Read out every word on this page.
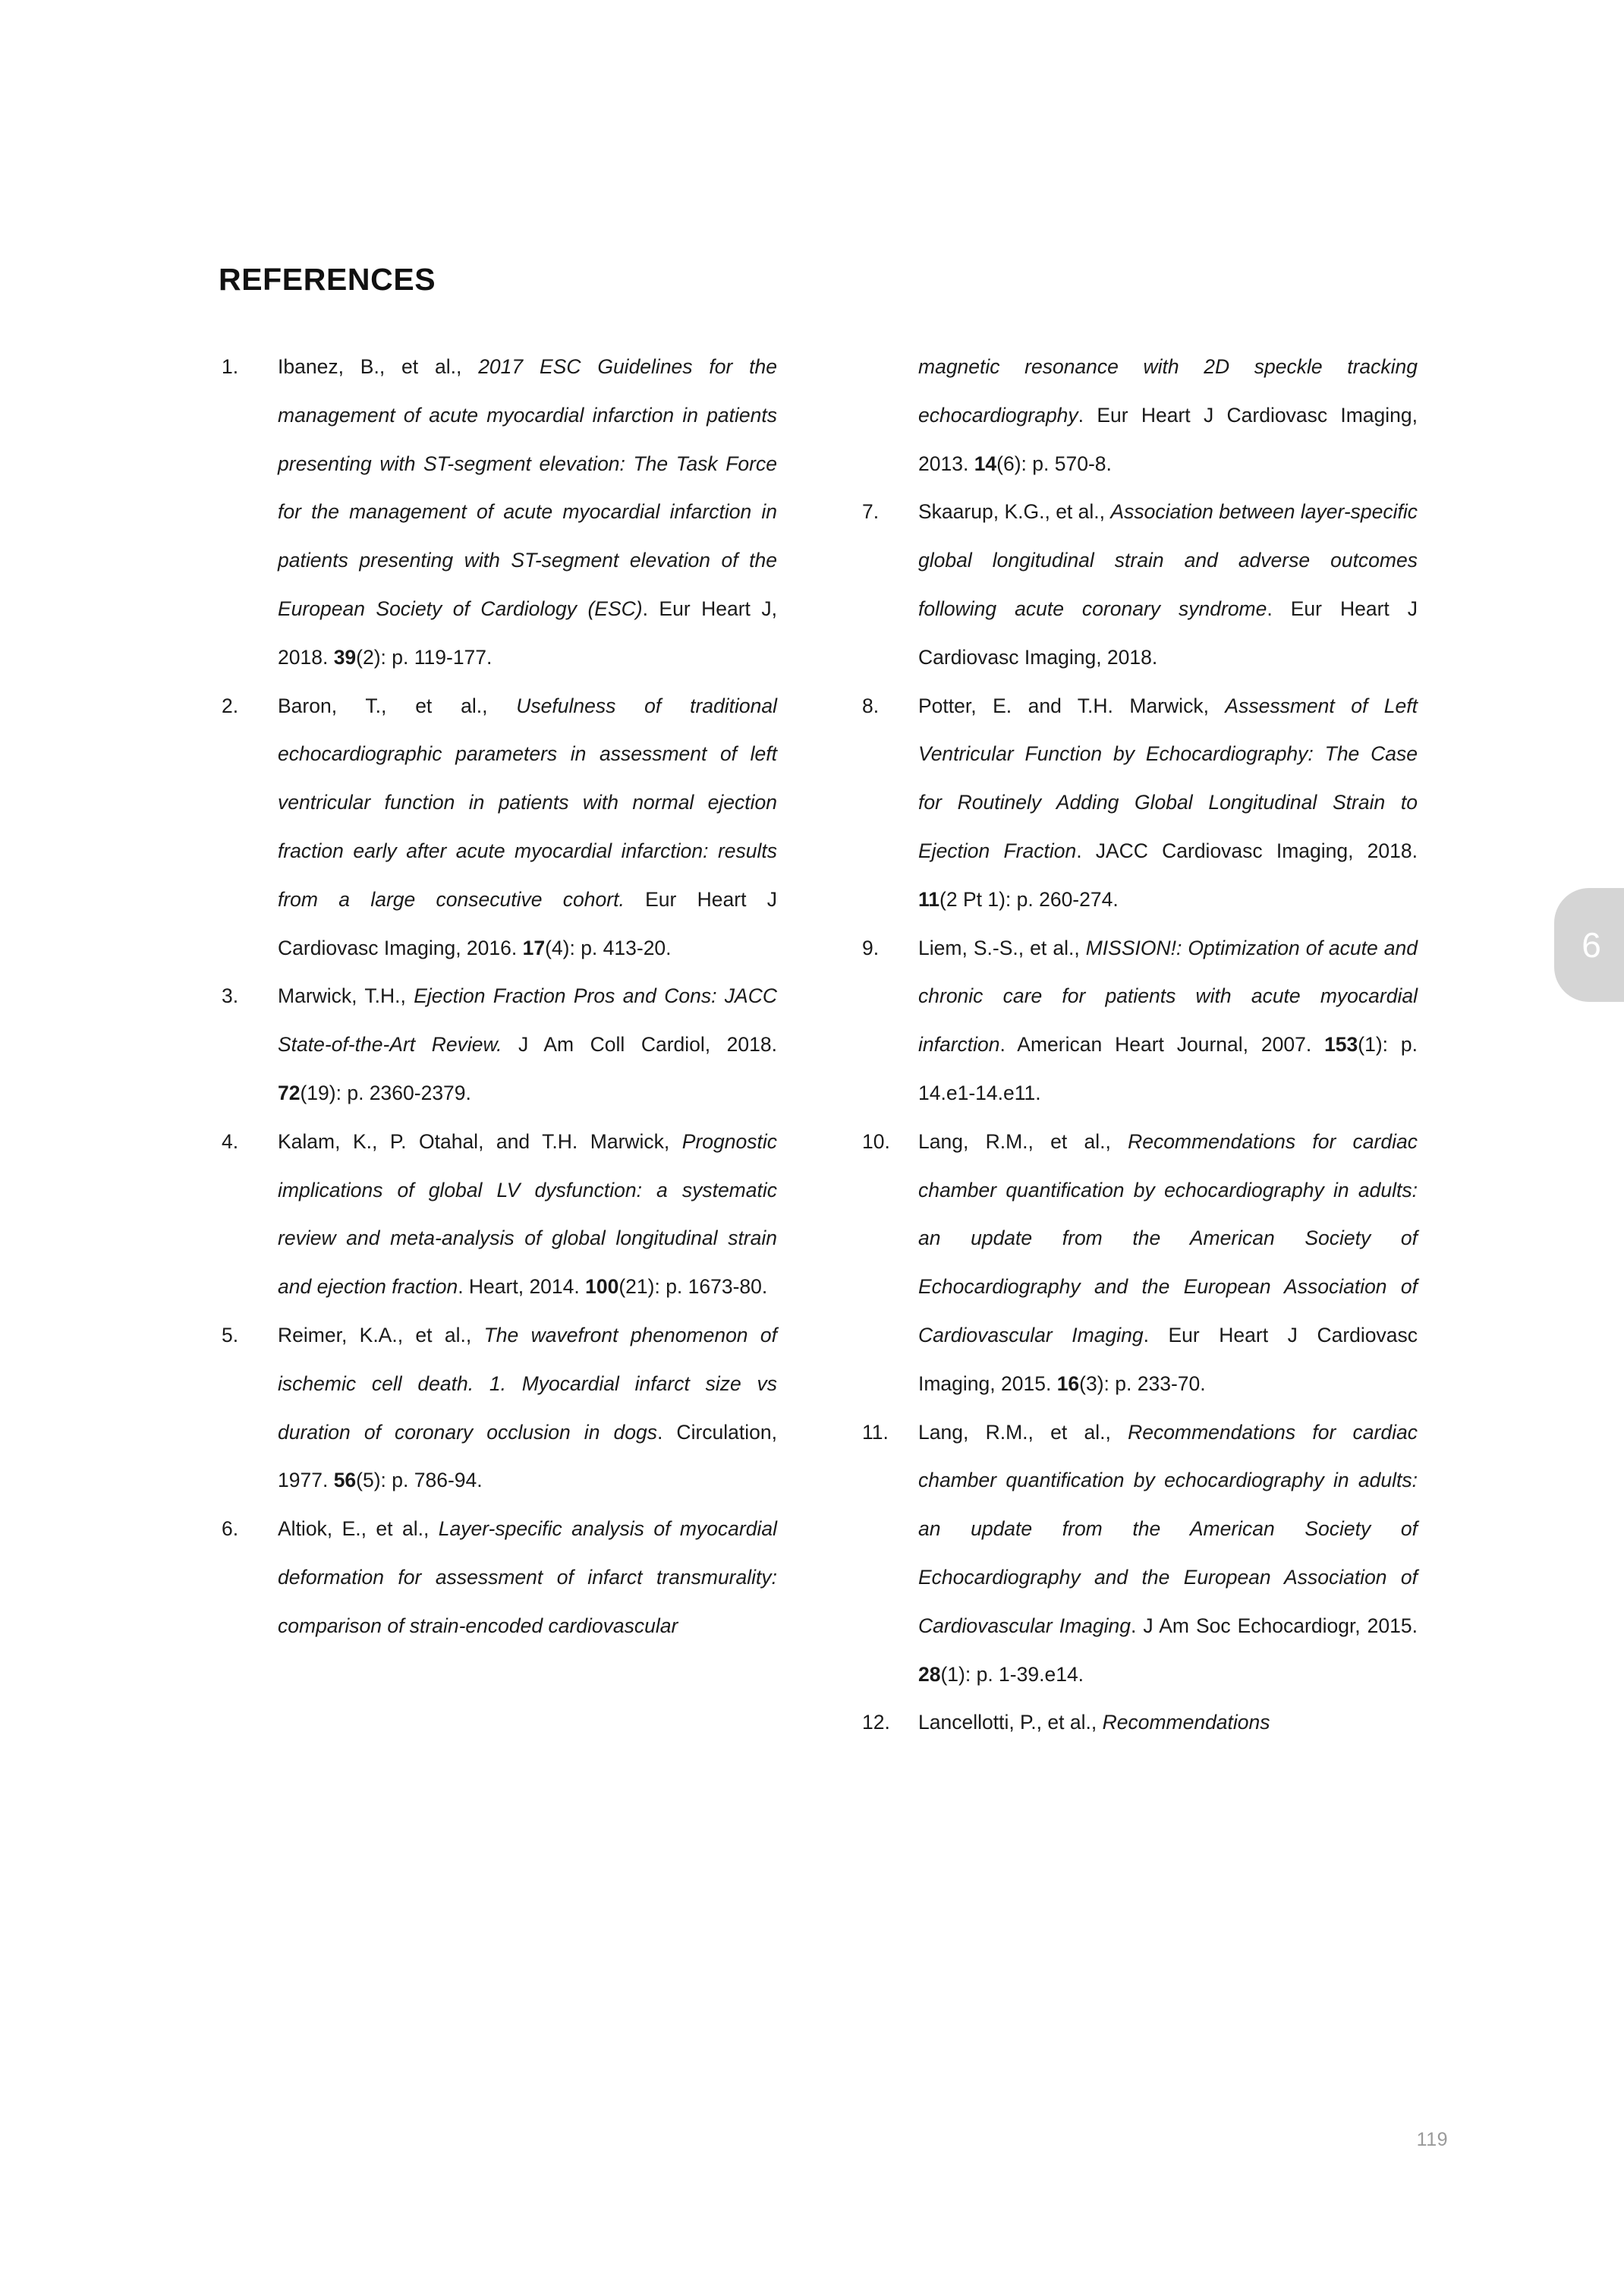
REFERENCES
1.	Ibanez, B., et al., 2017 ESC Guidelines for the management of acute myocardial infarction in patients presenting with ST-segment elevation: The Task Force for the management of acute myocardial infarction in patients presenting with ST-segment elevation of the European Society of Cardiology (ESC). Eur Heart J, 2018. 39(2): p. 119-177.
2.	Baron, T., et al., Usefulness of traditional echocardiographic parameters in assessment of left ventricular function in patients with normal ejection fraction early after acute myocardial infarction: results from a large consecutive cohort. Eur Heart J Cardiovasc Imaging, 2016. 17(4): p. 413-20.
3.	Marwick, T.H., Ejection Fraction Pros and Cons: JACC State-of-the-Art Review. J Am Coll Cardiol, 2018. 72(19): p. 2360-2379.
4.	Kalam, K., P. Otahal, and T.H. Marwick, Prognostic implications of global LV dysfunction: a systematic review and meta-analysis of global longitudinal strain and ejection fraction. Heart, 2014. 100(21): p. 1673-80.
5.	Reimer, K.A., et al., The wavefront phenomenon of ischemic cell death. 1. Myocardial infarct size vs duration of coronary occlusion in dogs. Circulation, 1977. 56(5): p. 786-94.
6.	Altiok, E., et al., Layer-specific analysis of myocardial deformation for assessment of infarct transmurality: comparison of strain-encoded cardiovascular
magnetic resonance with 2D speckle tracking echocardiography. Eur Heart J Cardiovasc Imaging, 2013. 14(6): p. 570-8.
7.	Skaarup, K.G., et al., Association between layer-specific global longitudinal strain and adverse outcomes following acute coronary syndrome. Eur Heart J Cardiovasc Imaging, 2018.
8.	Potter, E. and T.H. Marwick, Assessment of Left Ventricular Function by Echocardiography: The Case for Routinely Adding Global Longitudinal Strain to Ejection Fraction. JACC Cardiovasc Imaging, 2018. 11(2 Pt 1): p. 260-274.
9.	Liem, S.-S., et al., MISSION!: Optimization of acute and chronic care for patients with acute myocardial infarction. American Heart Journal, 2007. 153(1): p. 14.e1-14.e11.
10.	Lang, R.M., et al., Recommendations for cardiac chamber quantification by echocardiography in adults: an update from the American Society of Echocardiography and the European Association of Cardiovascular Imaging. Eur Heart J Cardiovasc Imaging, 2015. 16(3): p. 233-70.
11.	Lang, R.M., et al., Recommendations for cardiac chamber quantification by echocardiography in adults: an update from the American Society of Echocardiography and the European Association of Cardiovascular Imaging. J Am Soc Echocardiogr, 2015. 28(1): p. 1-39.e14.
12.	Lancellotti, P., et al., Recommendations
6
119
